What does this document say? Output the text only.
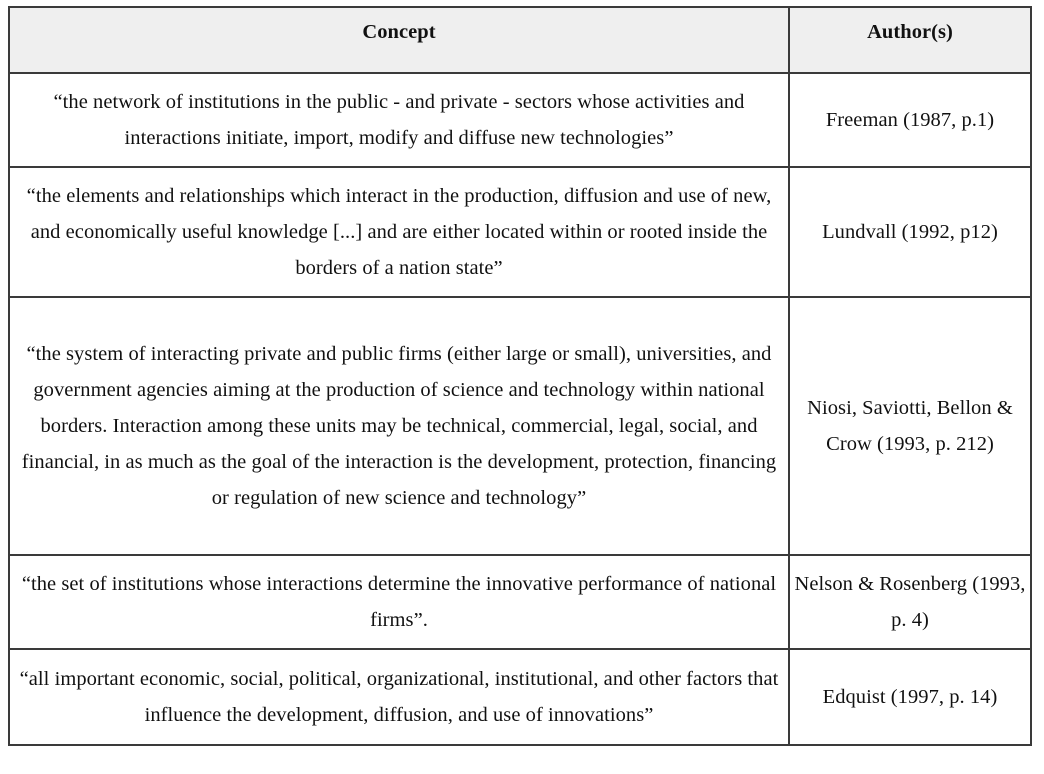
Concept	Author(s)
“the network of institutions in the public - and private - sectors whose activities and interactions initiate, import, modify and diffuse new technologies”	Freeman (1987, p.1)
“the elements and relationships which interact in the production, diffusion and use of new, and economically useful knowledge [...] and are either located within or rooted inside the borders of a nation state”	Lundvall (1992, p12)
“the system of interacting private and public firms (either large or small), universities, and government agencies aiming at the production of science and technology within national borders. Interaction among these units may be technical, commercial, legal, social, and financial, in as much as the goal of the interaction is the development, protection, financing or regulation of new science and technology”	Niosi, Saviotti, Bellon & Crow (1993, p. 212)
“the set of institutions whose interactions determine the innovative performance of national firms”.	Nelson & Rosenberg (1993, p. 4)
“all important economic, social, political, organizational, institutional, and other factors that influence the development, diffusion, and use of innovations”	Edquist (1997, p. 14)
